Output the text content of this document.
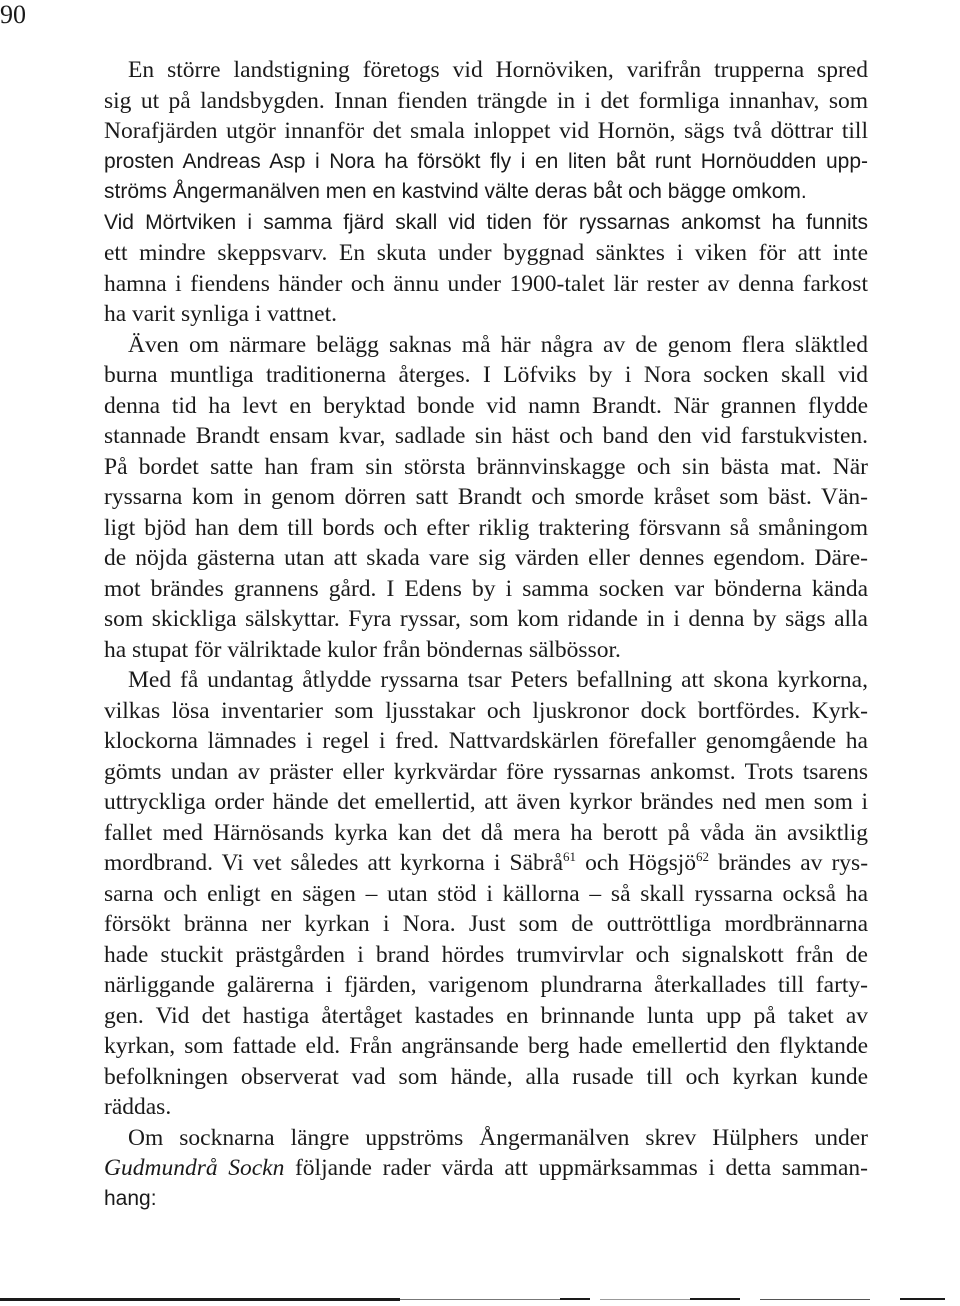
90
En större landstigning företogs vid Hornöviken, varifrån trupperna spred
sig ut på landsbygden. Innan fienden trängde in i det formliga innanhav, som
Norafjärden utgör innanför det smala inloppet vid Hornön, sägs två döttrar till
prosten Andreas Asp i Nora ha försökt fly i en liten båt runt Hornöudden upp-
ströms Ångermanälven men en kastvind välte deras båt och bägge omkom.
Vid Mörtviken i samma fjärd skall vid tiden för ryssarnas ankomst ha funnits
ett mindre skeppsvarv. En skuta under byggnad sänktes i viken för att inte
hamna i fiendens händer och ännu under 1900-talet lär rester av denna farkost
ha varit synliga i vattnet.
Även om närmare belägg saknas må här några av de genom flera släktled
burna muntliga traditionerna återges. I Löfviks by i Nora socken skall vid
denna tid ha levt en beryktad bonde vid namn Brandt. När grannen flydde
stannade Brandt ensam kvar, sadlade sin häst och band den vid farstukvisten.
På bordet satte han fram sin största brännvinskagge och sin bästa mat. När
ryssarna kom in genom dörren satt Brandt och smorde kråset som bäst. Vän-
ligt bjöd han dem till bords och efter riklig traktering försvann så småningom
de nöjda gästerna utan att skada vare sig värden eller dennes egendom. Däre-
mot brändes grannens gård. I Edens by i samma socken var bönderna kända
som skickliga sälskyttar. Fyra ryssar, som kom ridande in i denna by sägs alla
ha stupat för välriktade kulor från böndernas sälbössor.
Med få undantag åtlydde ryssarna tsar Peters befallning att skona kyrkorna,
vilkas lösa inventarier som ljusstakar och ljuskronor dock bortfördes. Kyrk-
klockorna lämnades i regel i fred. Nattvardskärlen förefaller genomgående ha
gömts undan av präster eller kyrkvärdar före ryssarnas ankomst. Trots tsarens
uttryckliga order hände det emellertid, att även kyrkor brändes ned men som i
fallet med Härnösands kyrka kan det då mera ha berott på våda än avsiktlig
mordbrand. Vi vet således att kyrkorna i Säbrå$^{61}$ och Högsjö$^{62}$ brändes av rys-
sarna och enligt en sägen – utan stöd i källorna – så skall ryssarna också ha
försökt bränna ner kyrkan i Nora. Just som de outtröttliga mordbrännarna
hade stuckit prästgården i brand hördes trumvirvlar och signalskott från de
närliggande galärerna i fjärden, varigenom plundrarna återkallades till farty-
gen. Vid det hastiga återtåget kastades en brinnande lunta upp på taket av
kyrkan, som fattade eld. Från angränsande berg hade emellertid den flyktande
befolkningen observerat vad som hände, alla rusade till och kyrkan kunde
räddas.
Om socknarna längre uppströms Ångermanälven skrev Hülphers under
Gudmundrå Sockn följande rader värda att uppmärksammas i detta samman-
hang:
